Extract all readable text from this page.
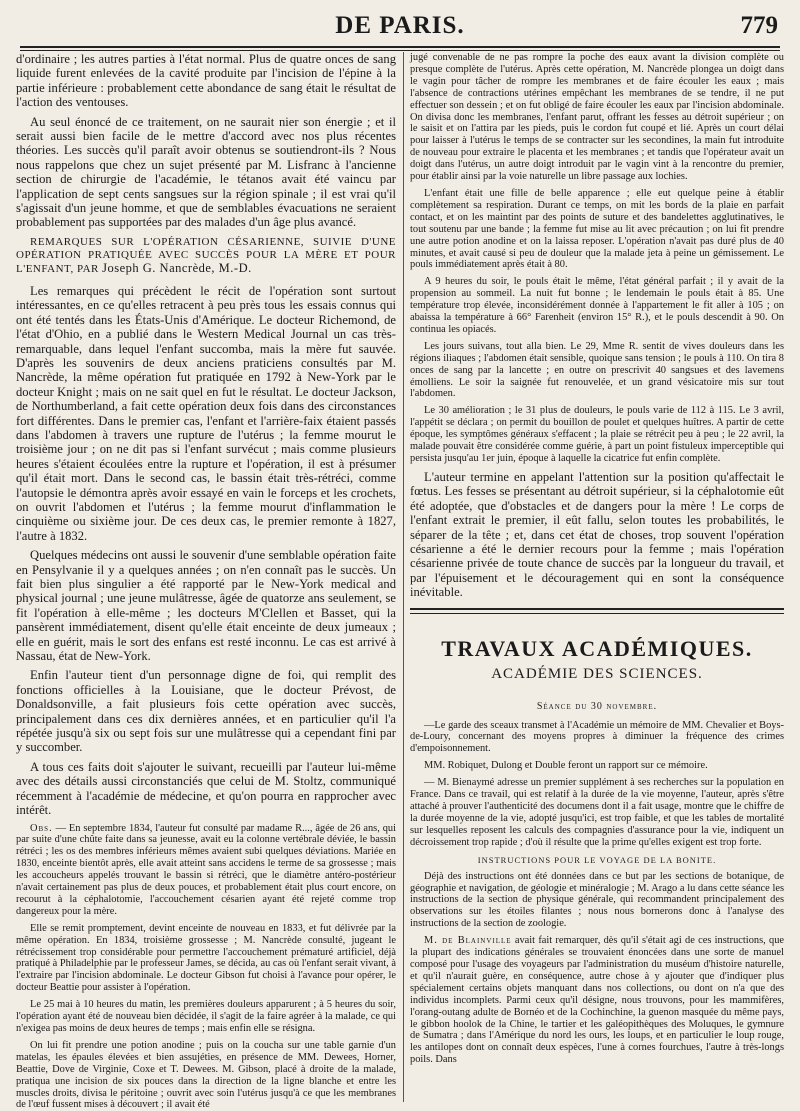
DE PARIS.	779

d'ordinaire ; les autres parties à l'état normal. Plus de quatre onces de sang liquide furent enlevées de la cavité produite par l'incision de l'épine à la partie inférieure : probablement cette abondance de sang était le résultat de l'action des ventouses.

Au seul énoncé de ce traitement, on ne saurait nier son énergie ; et il serait aussi bien facile de le mettre d'accord avec nos plus récentes théories. Les succès qu'il paraît avoir obtenus se soutiendront-ils ? Nous nous rappelons que chez un sujet présenté par M. Lisfranc à l'ancienne section de chirurgie de l'académie, le tétanos avait été vaincu par l'application de sept cents sangsues sur la région spinale ; il est vrai qu'il s'agissait d'un jeune homme, et que de semblables évacuations ne seraient probablement pas supportées par des malades d'un âge plus avancé.

REMARQUES SUR L'OPÉRATION CÉSARIENNE, SUIVIE D'UNE OPÉRATION PRATIQUÉE AVEC SUCCÈS POUR LA MÈRE ET POUR L'ENFANT, PAR Joseph G. Nancrède, M.-D.

Les remarques qui précèdent le récit de l'opération sont surtout intéressantes, en ce qu'elles retracent à peu près tous les essais connus qui ont été tentés dans les États-Unis d'Amérique. Le docteur Richemond, de l'état d'Ohio, en a publié dans le Western Medical Journal un cas très-remarquable, dans lequel l'enfant succomba, mais la mère fut sauvée. D'après les souvenirs de deux anciens praticiens consultés par M. Nancrède, la même opération fut pratiquée en 1792 à New-York par le docteur Knight ; mais on ne sait quel en fut le résultat. Le docteur Jackson, de Northumberland, a fait cette opération deux fois dans des circonstances fort différentes. Dans le premier cas, l'enfant et l'arrière-faix étaient passés dans l'abdomen à travers une rupture de l'utérus ; la femme mourut le troisième jour ; on ne dit pas si l'enfant survécut ; mais comme plusieurs heures s'étaient écoulées entre la rupture et l'opération, il est à présumer qu'il était mort. Dans le second cas, le bassin était très-rétréci, comme l'autopsie le démontra après avoir essayé en vain le forceps et les crochets, on ouvrit l'abdomen et l'utérus ; la femme mourut d'inflammation le cinquième ou sixième jour. De ces deux cas, le premier remonte à 1827, l'autre à 1832.

Quelques médecins ont aussi le souvenir d'une semblable opération faite en Pensylvanie il y a quelques années ; on n'en connaît pas le succès. Un fait bien plus singulier a été rapporté par le New-York medical and physical journal ; une jeune mulâtresse, âgée de quatorze ans seulement, se fit l'opération à elle-même ; les docteurs M'Clellen et Basset, qui la pansèrent immédiatement, disent qu'elle était enceinte de deux jumeaux ; elle en guérit, mais le sort des enfans est resté inconnu. Le cas est arrivé à Nassau, état de New-York.

Enfin l'auteur tient d'un personnage digne de foi, qui remplit des fonctions officielles à la Louisiane, que le docteur Prévost, de Donaldsonville, a fait plusieurs fois cette opération avec succès, principalement dans ces dix dernières années, et en particulier qu'il l'a répétée jusqu'à six ou sept fois sur une mulâtresse qui a cependant fini par y succomber.

A tous ces faits doit s'ajouter le suivant, recueilli par l'auteur lui-même avec des détails aussi circonstanciés que celui de M. Stoltz, communiqué récemment à l'académie de médecine, et qu'on pourra en rapprocher avec intérêt.

Obs. — En septembre 1834, l'auteur fut consulté par madame R..., âgée de 26 ans, qui par suite d'une chûte faite dans sa jeunesse, avait eu la colonne vertébrale déviée, le bassin rétréci ; les os des membres inférieurs mêmes avaient subi quelques déviations. Mariée en 1830, enceinte bientôt après, elle avait atteint sans accidens le terme de sa grossesse ; mais les accoucheurs appelés trouvant le bassin si rétréci, que le diamètre antéro-postérieur n'avait certainement pas plus de deux pouces, et probablement était plus court encore, on recourut à la céphalotomie, l'accouchement césarien ayant été rejeté comme trop dangereux pour la mère.

Elle se remit promptement, devint enceinte de nouveau en 1833, et fut délivrée par la même opération. En 1834, troisième grossesse ; M. Nancrède consulté, jugeant le rétrécissement trop considérable pour permettre l'accouchement prématuré artificiel, déjà pratiqué à Philadelphie par le professeur James, se décida, au cas où l'enfant serait vivant, à l'extraire par l'incision abdominale. Le docteur Gibson fut choisi à l'avance pour opérer, le docteur Beattie pour assister à l'opération.

Le 25 mai à 10 heures du matin, les premières douleurs apparurent ; à 5 heures du soir, l'opération ayant été de nouveau bien décidée, il s'agit de la faire agréer à la malade, ce qui n'exigea pas moins de deux heures de temps ; mais enfin elle se résigna.

On lui fit prendre une potion anodine ; puis on la coucha sur une table garnie d'un matelas, les épaules élevées et bien assujéties, en présence de MM. Dewees, Horner, Beattie, Dove de Virginie, Coxe et T. Dewees. M. Gibson, placé à droite de la malade, pratiqua une incision de six pouces dans la direction de la ligne blanche et entre les muscles droits, divisa le péritoine ; ouvrit avec soin l'utérus jusqu'à ce que les membranes de l'œuf fussent mises à découvert ; il avait été

jugé convenable de ne pas rompre la poche des eaux avant la division complète ou presque complète de l'utérus. Après cette opération, M. Nancrède plongea un doigt dans le vagin pour tâcher de rompre les membranes et de faire écouler les eaux ; mais l'absence de contractions utérines empêchant les membranes de se tendre, il ne put effectuer son dessein ; et on fut obligé de faire écouler les eaux par l'incision abdominale. On divisa donc les membranes, l'enfant parut, offrant les fesses au détroit supérieur ; on le saisit et on l'attira par les pieds, puis le cordon fut coupé et lié. Après un court délai pour laisser à l'utérus le temps de se contracter sur les secondines, la main fut introduite de nouveau pour extraire le placenta et les membranes ; et tandis que l'opérateur avait un doigt dans l'utérus, un autre doigt introduit par le vagin vint à la rencontre du premier, pour établir ainsi par la voie naturelle un libre passage aux lochies.

L'enfant était une fille de belle apparence ; elle eut quelque peine à établir complètement sa respiration. Durant ce temps, on mit les bords de la plaie en parfait contact, et on les maintint par des points de suture et des bandelettes agglutinatives, le tout soutenu par une bande ; la femme fut mise au lit avec précaution ; on lui fit prendre une autre potion anodine et on la laissa reposer. L'opération n'avait pas duré plus de 40 minutes, et avait causé si peu de douleur que la malade jeta à peine un gémissement. Le pouls immédiatement après était à 80.

A 9 heures du soir, le pouls était le même, l'état général parfait ; il y avait de la propension au sommeil. La nuit fut bonne ; le lendemain le pouls était à 85. Une température trop élevée, inconsidérément donnée à l'appartement le fit aller à 105 ; on abaissa la température à 66° Farenheit (environ 15° R.), et le pouls descendit à 90. On continua les opiacés.

Les jours suivans, tout alla bien. Le 29, Mme R. sentit de vives douleurs dans les régions iliaques ; l'abdomen était sensible, quoique sans tension ; le pouls à 110. On tira 8 onces de sang par la lancette ; en outre on prescrivit 40 sangsues et des lavemens émolliens. Le soir la saignée fut renouvelée, et un grand vésicatoire mis sur tout l'abdomen.

Le 30 amélioration ; le 31 plus de douleurs, le pouls varie de 112 à 115. Le 3 avril, l'appétit se déclara ; on permit du bouillon de poulet et quelques huîtres. A partir de cette époque, les symptômes généraux s'effacent ; la plaie se rétrécit peu à peu ; le 22 avril, la malade pouvait être considérée comme guérie, à part un point fistuleux imperceptible qui persista jusqu'au 1er juin, époque à laquelle la cicatrice fut enfin complète.

L'auteur termine en appelant l'attention sur la position qu'affectait le fœtus. Les fesses se présentant au détroit supérieur, si la céphalotomie eût été adoptée, que d'obstacles et de dangers pour la mère ! Le corps de l'enfant extrait le premier, il eût fallu, selon toutes les probabilités, le séparer de la tête ; et, dans cet état de choses, trop souvent l'opération césarienne a été le dernier recours pour la femme ; mais l'opération césarienne privée de toute chance de succès par la longueur du travail, et par l'épuisement et le découragement qui en sont la conséquence inévitable.

TRAVAUX ACADÉMIQUES.
ACADÉMIE DES SCIENCES.
Séance du 30 novembre.

—Le garde des sceaux transmet à l'Académie un mémoire de MM. Chevalier et Boys-de-Loury, concernant des moyens propres à diminuer la fréquence des crimes d'empoisonnement.

MM. Robiquet, Dulong et Double feront un rapport sur ce mémoire.

— M. Bienaymé adresse un premier supplément à ses recherches sur la population en France. Dans ce travail, qui est relatif à la durée de la vie moyenne, l'auteur, après s'être attaché à prouver l'authenticité des documens dont il a fait usage, montre que le chiffre de la durée moyenne de la vie, adopté jusqu'ici, est trop faible, et que les tables de mortalité sur lesquelles reposent les calculs des compagnies d'assurance pour la vie, indiquent un décroissement trop rapide ; d'où il résulte que la prime qu'elles exigent est trop forte.

INSTRUCTIONS POUR LE VOYAGE DE LA BONITE.

Déjà des instructions ont été données dans ce but par les sections de botanique, de géographie et navigation, de géologie et minéralogie ; M. Arago a lu dans cette séance les instructions de la section de physique générale, qui recommandent principalement des observations sur les étoiles filantes ; nous nous bornerons donc à l'analyse des instructions de la section de zoologie.

M. de Blainville avait fait remarquer, dès qu'il s'était agi de ces instructions, que la plupart des indications générales se trouvaient énoncées dans une sorte de manuel composé pour l'usage des voyageurs par l'administration du muséum d'histoire naturelle, et qu'il n'aurait guère, en conséquence, autre chose à y ajouter que d'indiquer plus spécialement certains objets manquant dans nos collections, ou dont on n'a que des individus incomplets. Parmi ceux qu'il désigne, nous trouvons, pour les mammifères, l'orang-outang adulte de Bornéo et de la Cochinchine, la guenon masquée du même pays, le gibbon hoolok de la Chine, le tartier et les galéopithèques des Moluques, le gymnure de Sumatra ; dans l'Amérique du nord les ours, les loups, et en particulier le loup rouge, les antilopes dont on connaît deux espèces, l'une à cornes fourchues, l'autre à très-longs poils. Dans
